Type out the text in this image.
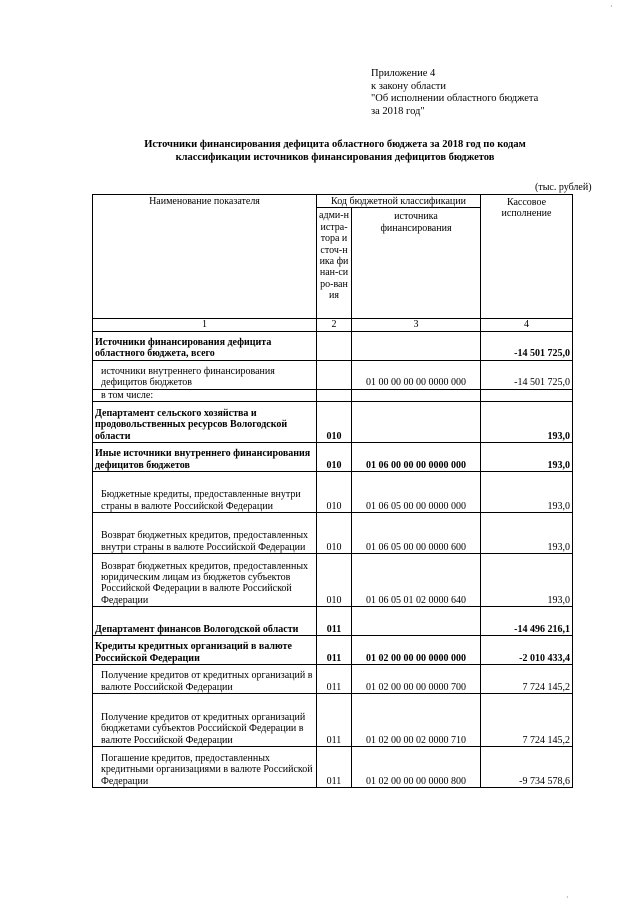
Приложение 4
к закону области
"Об исполнении областного бюджета
за 2018 год"
Источники финансирования дефицита областного бюджета за 2018 год по кодам
классификации источников финансирования дефицитов бюджетов
(тыс. рублей)
Наименование показателя	Код бюджетной классификации		Кассовое исполнение
	адми-нистра-тора источ-ника финан-сиро-вания	источника финансирования	
1	2	3	4
Источники финансирования дефицита областного бюджета, всего			-14 501 725,0
источники внутреннего финансирования дефицитов бюджетов		01 00 00 00 00 0000 000	-14 501 725,0
в том числе:			
Департамент сельского хозяйства и продовольственных ресурсов Вологодской области	010		193,0
Иные источники внутреннего финансирования дефицитов бюджетов	010	01 06 00 00 00 0000 000	193,0
Бюджетные кредиты, предоставленные внутри страны в валюте Российской Федерации	010	01 06 05 00 00 0000 000	193,0
Возврат бюджетных кредитов, предоставленных внутри страны в валюте Российской Федерации	010	01 06 05 00 00 0000 600	193,0
Возврат бюджетных кредитов, предоставленных юридическим лицам из бюджетов субъектов Российской Федерации в валюте Российской Федерации	010	01 06 05 01 02 0000 640	193,0
Департамент финансов Вологодской области	011		-14 496 216,1
Кредиты кредитных организаций в валюте Российской Федерации	011	01 02 00 00 00 0000 000	-2 010 433,4
Получение кредитов от кредитных организаций в валюте Российской Федерации	011	01 02 00 00 00 0000 700	7 724 145,2
Получение кредитов от кредитных организаций бюджетами субъектов Российской Федерации в валюте Российской Федерации	011	01 02 00 00 02 0000 710	7 724 145,2
Погашение кредитов, предоставленных кредитными организациями в валюте Российской Федерации	011	01 02 00 00 00 0000 800	-9 734 578,6
·
·
